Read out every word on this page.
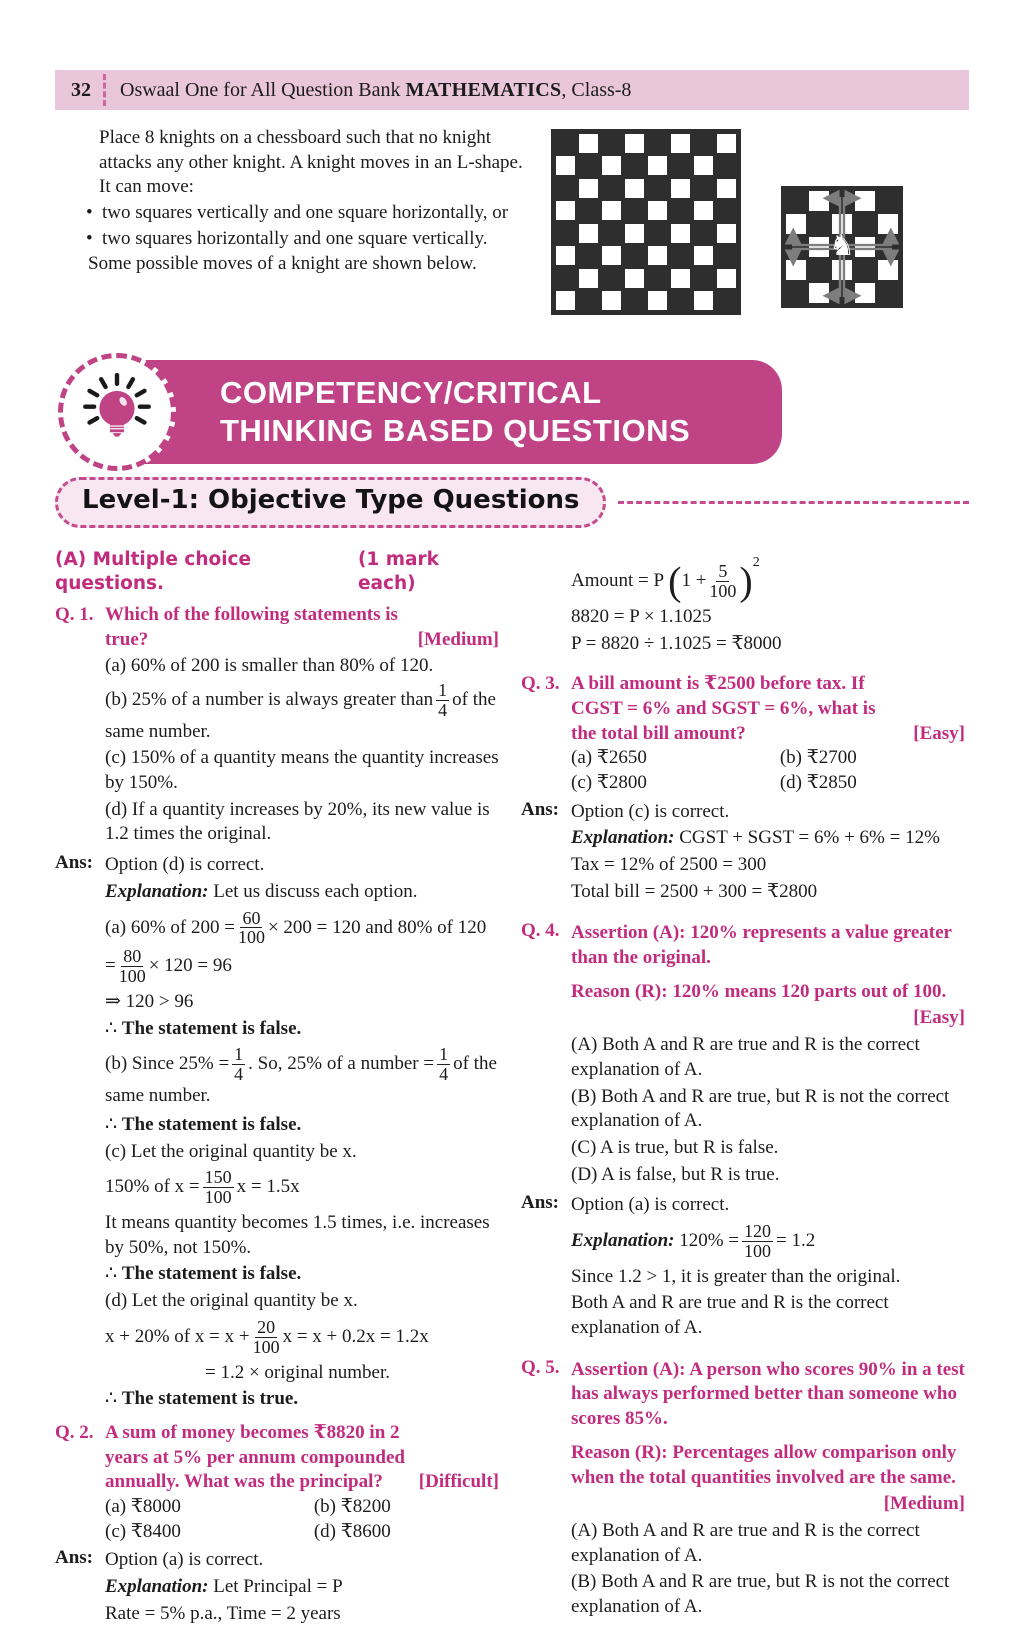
32 Oswaal One for All Question Bank MATHEMATICS, Class-8

Place 8 knights on a chessboard such that no knight attacks any other knight. A knight moves in an L-shape. It can move:

• two squares vertically and one square horizontally, or
• two squares horizontally and one square vertically.

Some possible moves of a knight are shown below.

♞
COMPETENCY/CRITICAL
THINKING BASED QUESTIONS
Level-1: Objective Type Questions
(A) Multiple choice questions.
(1 mark each)
Q. 1. Which of the following statements is true?	[Medium]

(a) 60% of 200 is smaller than 80% of 120.

(b) 25% of a number is always greater than $\frac{1}{4}$ of the same number.

(c) 150% of a quantity means the quantity increases by 150%.

(d) If a quantity increases by 20%, its new value is 1.2 times the original.

Ans: Option (d) is correct.

Explanation: Let us discuss each option.

(a) 60% of $200 = \frac{60}{100} \times 200 = 120$ and 80% of $120 = \frac{80}{100} \times 120 = 96$

⇒ 120 > 96

∴ The statement is false.

(b) Since $25\% = \frac{1}{4}$ . So, 25% of a number = $\frac{1}{4}$ of the same number.

∴ The statement is false.

(c) Let the original quantity be x.

150% of $x = \frac{150}{100}$ x = 1.5x

It means quantity becomes 1.5 times, i.e. increases by 50%, not 150%.

∴ The statement is false.

(d) Let the original quantity be x.

x + 20% of $x = x + \frac{20}{100}$ x = x + 0.2x = 1.2x

= 1.2 × original number.

∴ The statement is true.

Q. 2. A sum of money becomes ₹8820 in 2 years at 5% per annum compounded annually. What was the principal?	[Difficult]
(a) ₹8000	(b) ₹8200
(c) ₹8400	(d) ₹8600
Ans: Option (a) is correct.

Explanation: Let Principal = P

Rate = 5% p.a., Time = 2 years

Amount = P $(1 + \frac{5}{100} )^2$

8820 = P × 1.1025

P = 8820 ÷ 1.1025 = ₹8000

Q. 3. A bill amount is ₹2500 before tax. If CGST = 6% and SGST = 6%, what is the total bill amount?	[Easy]
(a) ₹2650	(b) ₹2700
(c) ₹2800	(d) ₹2850
Ans: Option (c) is correct.

Explanation: CGST + SGST = 6% + 6% = 12%

Tax = 12% of 2500 = 300

Total bill = 2500 + 300 = ₹2800

Q. 4. Assertion (A): 120% represents a value greater than the original.

Reason (R): 120% means 120 parts out of 100.

[Easy]

(A) Both A and R are true and R is the correct explanation of A.

(B) Both A and R are true, but R is not the correct explanation of A.

(C) A is true, but R is false.

(D) A is false, but R is true.

Ans: Option (a) is correct.

Explanation: $120\% = \frac{120}{100} = 1.2$

Since 1.2 > 1, it is greater than the original.

Both A and R are true and R is the correct explanation of A.

Q. 5. Assertion (A): A person who scores 90% in a test has always performed better than someone who scores 85%.

Reason (R): Percentages allow comparison only when the total quantities involved are the same.

[Medium]

(A) Both A and R are true and R is the correct explanation of A.

(B) Both A and R are true, but R is not the correct explanation of A.
